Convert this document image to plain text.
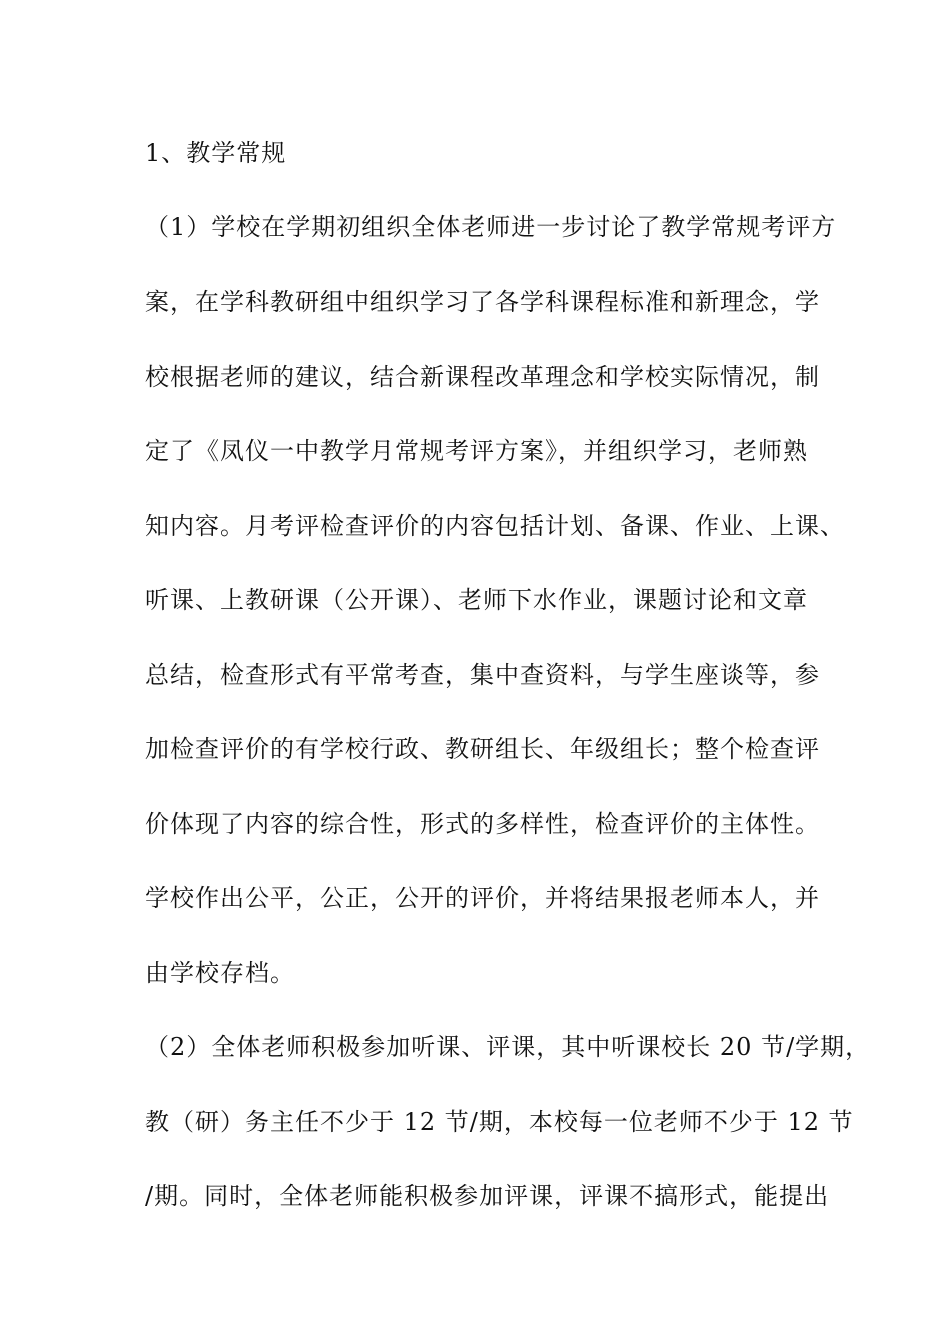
1、教学常规
（1）学校在学期初组织全体老师进一步讨论了教学常规考评方
案，在学科教研组中组织学习了各学科课程标准和新理念，学
校根据老师的建议，结合新课程改革理念和学校实际情况，制
定了《凤仪一中教学月常规考评方案》，并组织学习，老师熟
知内容。月考评检查评价的内容包括计划、备课、作业、上课、
听课、上教研课（公开课）、老师下水作业，课题讨论和文章
总结，检查形式有平常考查，集中查资料，与学生座谈等，参
加检查评价的有学校行政、教研组长、年级组长；整个检查评
价体现了内容的综合性，形式的多样性，检查评价的主体性。
学校作出公平，公正，公开的评价，并将结果报老师本人，并
由学校存档。
（2）全体老师积极参加听课、评课，其中听课校长 20 节/学期，
教（研）务主任不少于 12 节/期，本校每一位老师不少于 12 节
/期。同时，全体老师能积极参加评课，评课不搞形式，能提出
